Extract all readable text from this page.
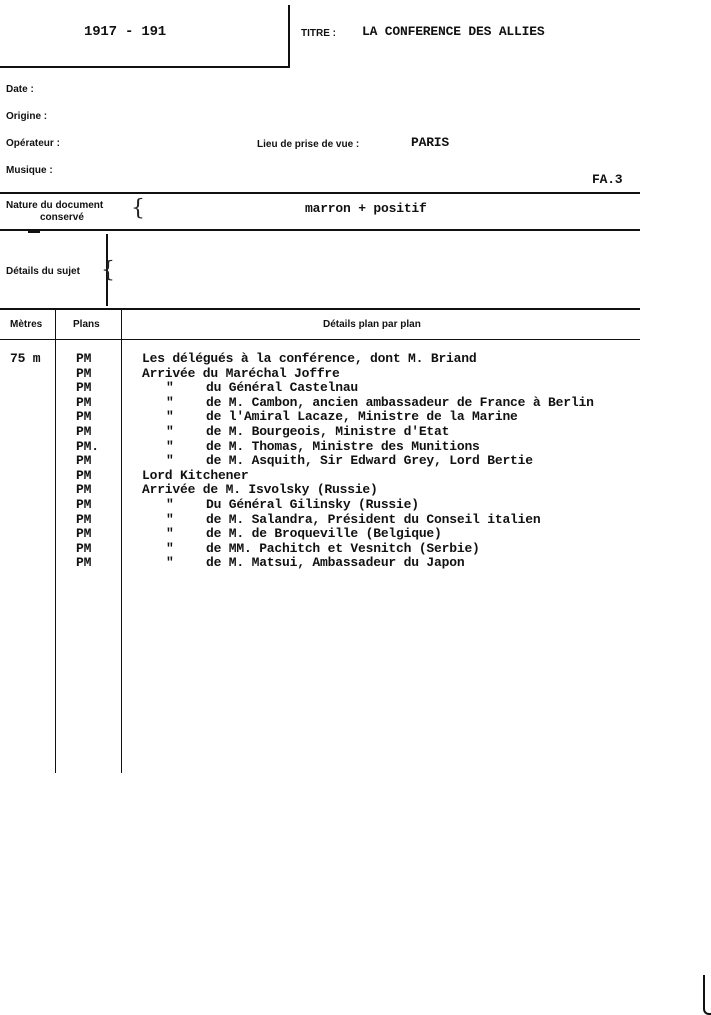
1917 - 191	TITRE : LA CONFERENCE DES ALLIES
Date :
Origine :
Opérateur :	Lieu de prise de vue :	PARIS
Musique :
FA.3
Nature du document
conservé {	marron + positif
Détails du sujet {
Mètres	Plans	Détails plan par plan
75 m	PM	Les délégués à la conférence, dont M. Briand
PM	Arrivée du Maréchal Joffre
PM	" du Général Castelnau
PM	" de M. Cambon, ancien ambassadeur de France à Berlin
PM	" de l'Amiral Lacaze, Ministre de la Marine
PM	" de M. Bourgeois, Ministre d'Etat
PM.	" de M. Thomas, Ministre des Munitions
PM	" de M. Asquith, Sir Edward Grey, Lord Bertie
PM	Lord Kitchener
PM	Arrivée de M. Isvolsky (Russie)
PM	" Du Général Gilinsky (Russie)
PM	" de M. Salandra, Président du Conseil italien
PM	" de M. de Broqueville (Belgique)
PM	" de MM. Pachitch et Vesnitch (Serbie)
PM	" de M. Matsui, Ambassadeur du Japon
